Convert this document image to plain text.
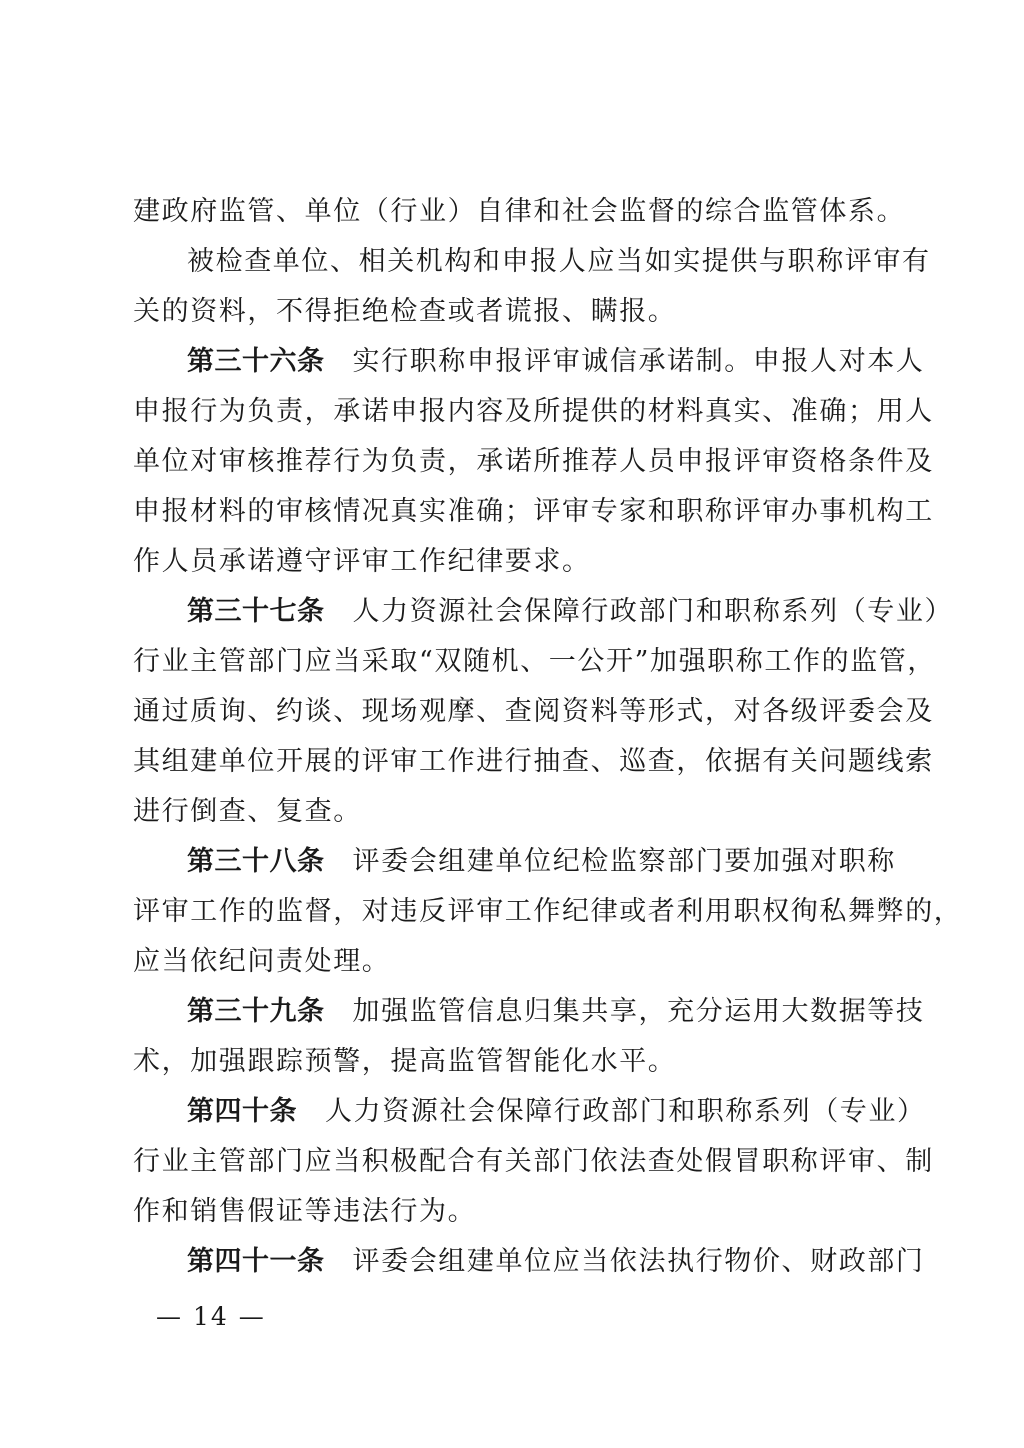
建政府监管、单位（行业）自律和社会监督的综合监管体系。
被检查单位、相关机构和申报人应当如实提供与职称评审有
关的资料，不得拒绝检查或者谎报、瞒报。
第三十六条 实行职称申报评审诚信承诺制。申报人对本人
申报行为负责，承诺申报内容及所提供的材料真实、准确；用人
单位对审核推荐行为负责，承诺所推荐人员申报评审资格条件及
申报材料的审核情况真实准确；评审专家和职称评审办事机构工
作人员承诺遵守评审工作纪律要求。
第三十七条 人力资源社会保障行政部门和职称系列（专业）
行业主管部门应当采取“双随机、一公开”加强职称工作的监管，
通过质询、约谈、现场观摩、查阅资料等形式，对各级评委会及
其组建单位开展的评审工作进行抽查、巡查，依据有关问题线索
进行倒查、复查。
第三十八条 评委会组建单位纪检监察部门要加强对职称
评审工作的监督，对违反评审工作纪律或者利用职权徇私舞弊的，
应当依纪问责处理。
第三十九条 加强监管信息归集共享，充分运用大数据等技
术，加强跟踪预警，提高监管智能化水平。
第四十条 人力资源社会保障行政部门和职称系列（专业）
行业主管部门应当积极配合有关部门依法查处假冒职称评审、制
作和销售假证等违法行为。
第四十一条 评委会组建单位应当依法执行物价、财政部门
— 14 —
